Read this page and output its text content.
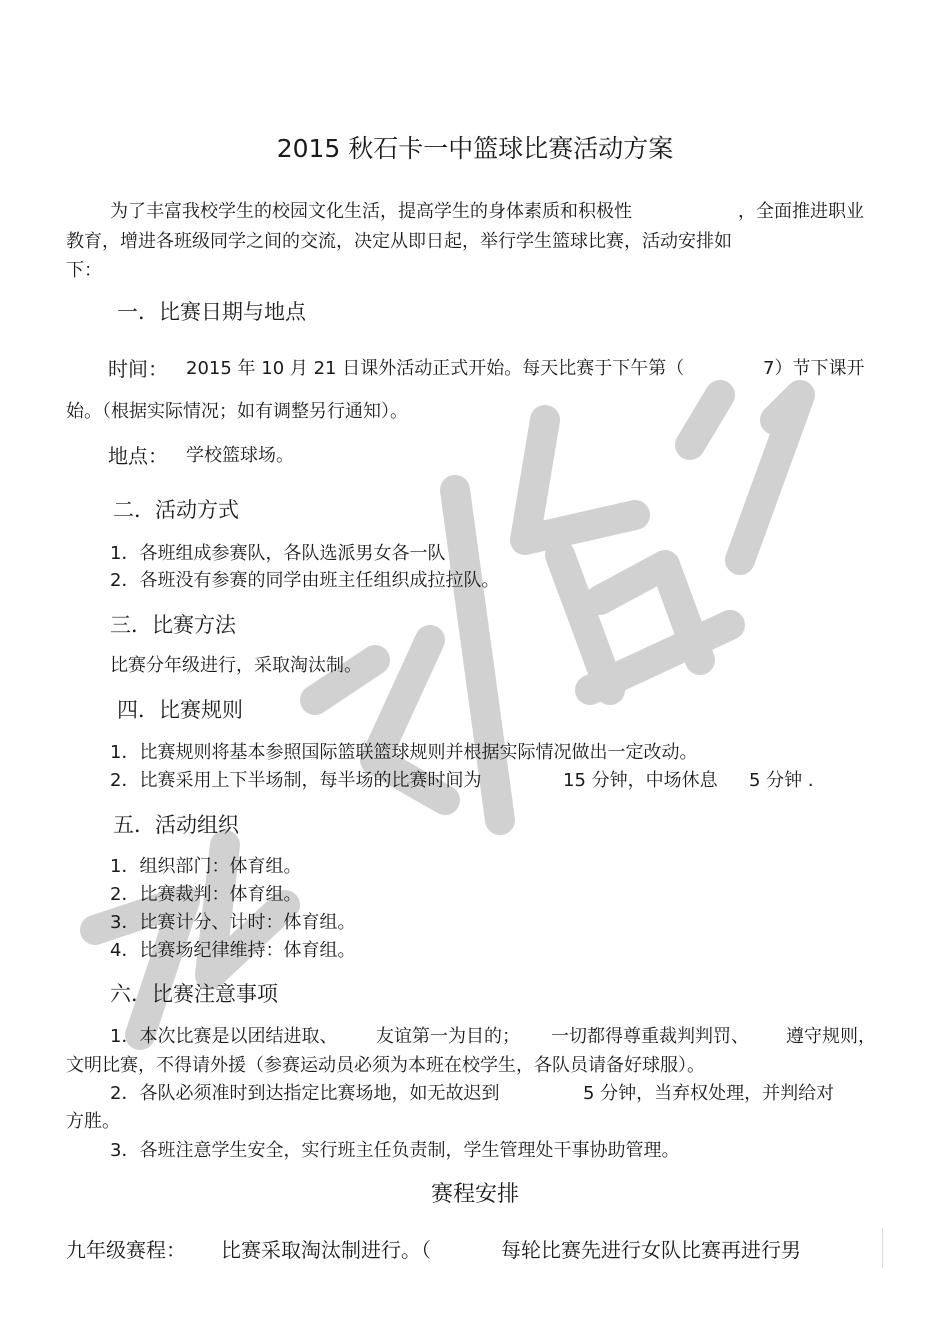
2015 秋石卡一中篮球比赛活动方案
为了丰富我校学生的校园文化生活，提高学生的身体素质和积极性	，全面推进职业
教育，增进各班级同学之间的交流，决定从即日起，举行学生篮球比赛，活动安排如
下：
一．比赛日期与地点
时间： 2015 年 10 月 21 日课外活动正式开始。每天比赛于下午第（	7）节下课开
始。（根据实际情况；如有调整另行通知）。
地点： 学校篮球场。
二．活动方式
1．各班组成参赛队，各队选派男女各一队
2．各班没有参赛的同学由班主任组织成拉拉队。
三．比赛方法
比赛分年级进行，采取淘汰制。
四．比赛规则
1．比赛规则将基本参照国际篮联篮球规则并根据实际情况做出一定改动。
2．比赛采用上下半场制，每半场的比赛时间为	15 分钟，中场休息 5 分钟 .
五．活动组织
1．组织部门：体育组。
2．比赛裁判：体育组。
3．比赛计分、计时：体育组。
4．比赛场纪律维持：体育组。
六．比赛注意事项
1．本次比赛是以团结进取、 友谊第一为目的； 一切都得尊重裁判判罚、 遵守规则，
文明比赛，不得请外援（参赛运动员必须为本班在校学生，各队员请备好球服）。
2．各队必须准时到达指定比赛场地，如无故迟到	5 分钟，当弃权处理，并判给对
方胜。
3．各班注意学生安全，实行班主任负责制，学生管理处干事协助管理。
赛程安排
九年级赛程： 比赛采取淘汰制进行。（	每轮比赛先进行女队比赛再进行男
